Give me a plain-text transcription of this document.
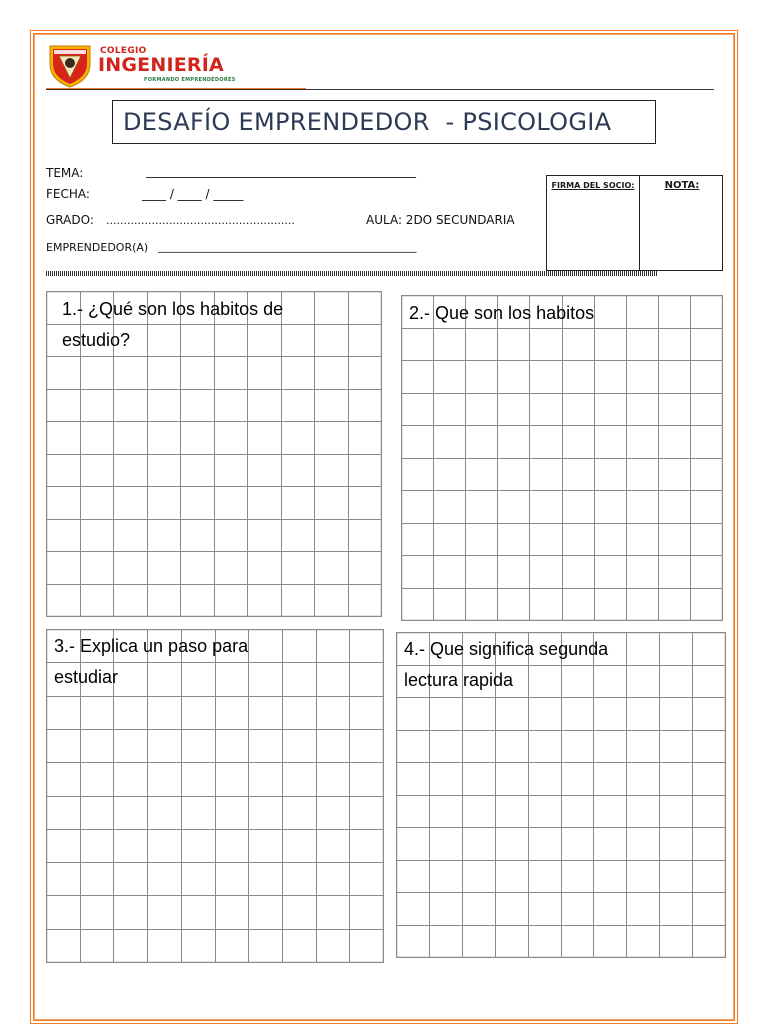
COLEGIO
INGENIERÍA
FORMANDO EMPRENDEDORES
DESAFÍO EMPRENDEDOR  - PSICOLOGIA
TEMA:	_____________________________________________
FECHA:	____ / ____ / _____
GRADO: ......................................................	AULA: 2DO SECUNDARIA
EMPRENDEDOR(A) _______________________________________________
FIRMA DEL SOCIO:	NOTA:
1.- ¿Qué son los habitos de
estudio?
2.- Que son los habitos
3.- Explica un paso para
estudiar
4.- Que significa segunda
lectura rapida
